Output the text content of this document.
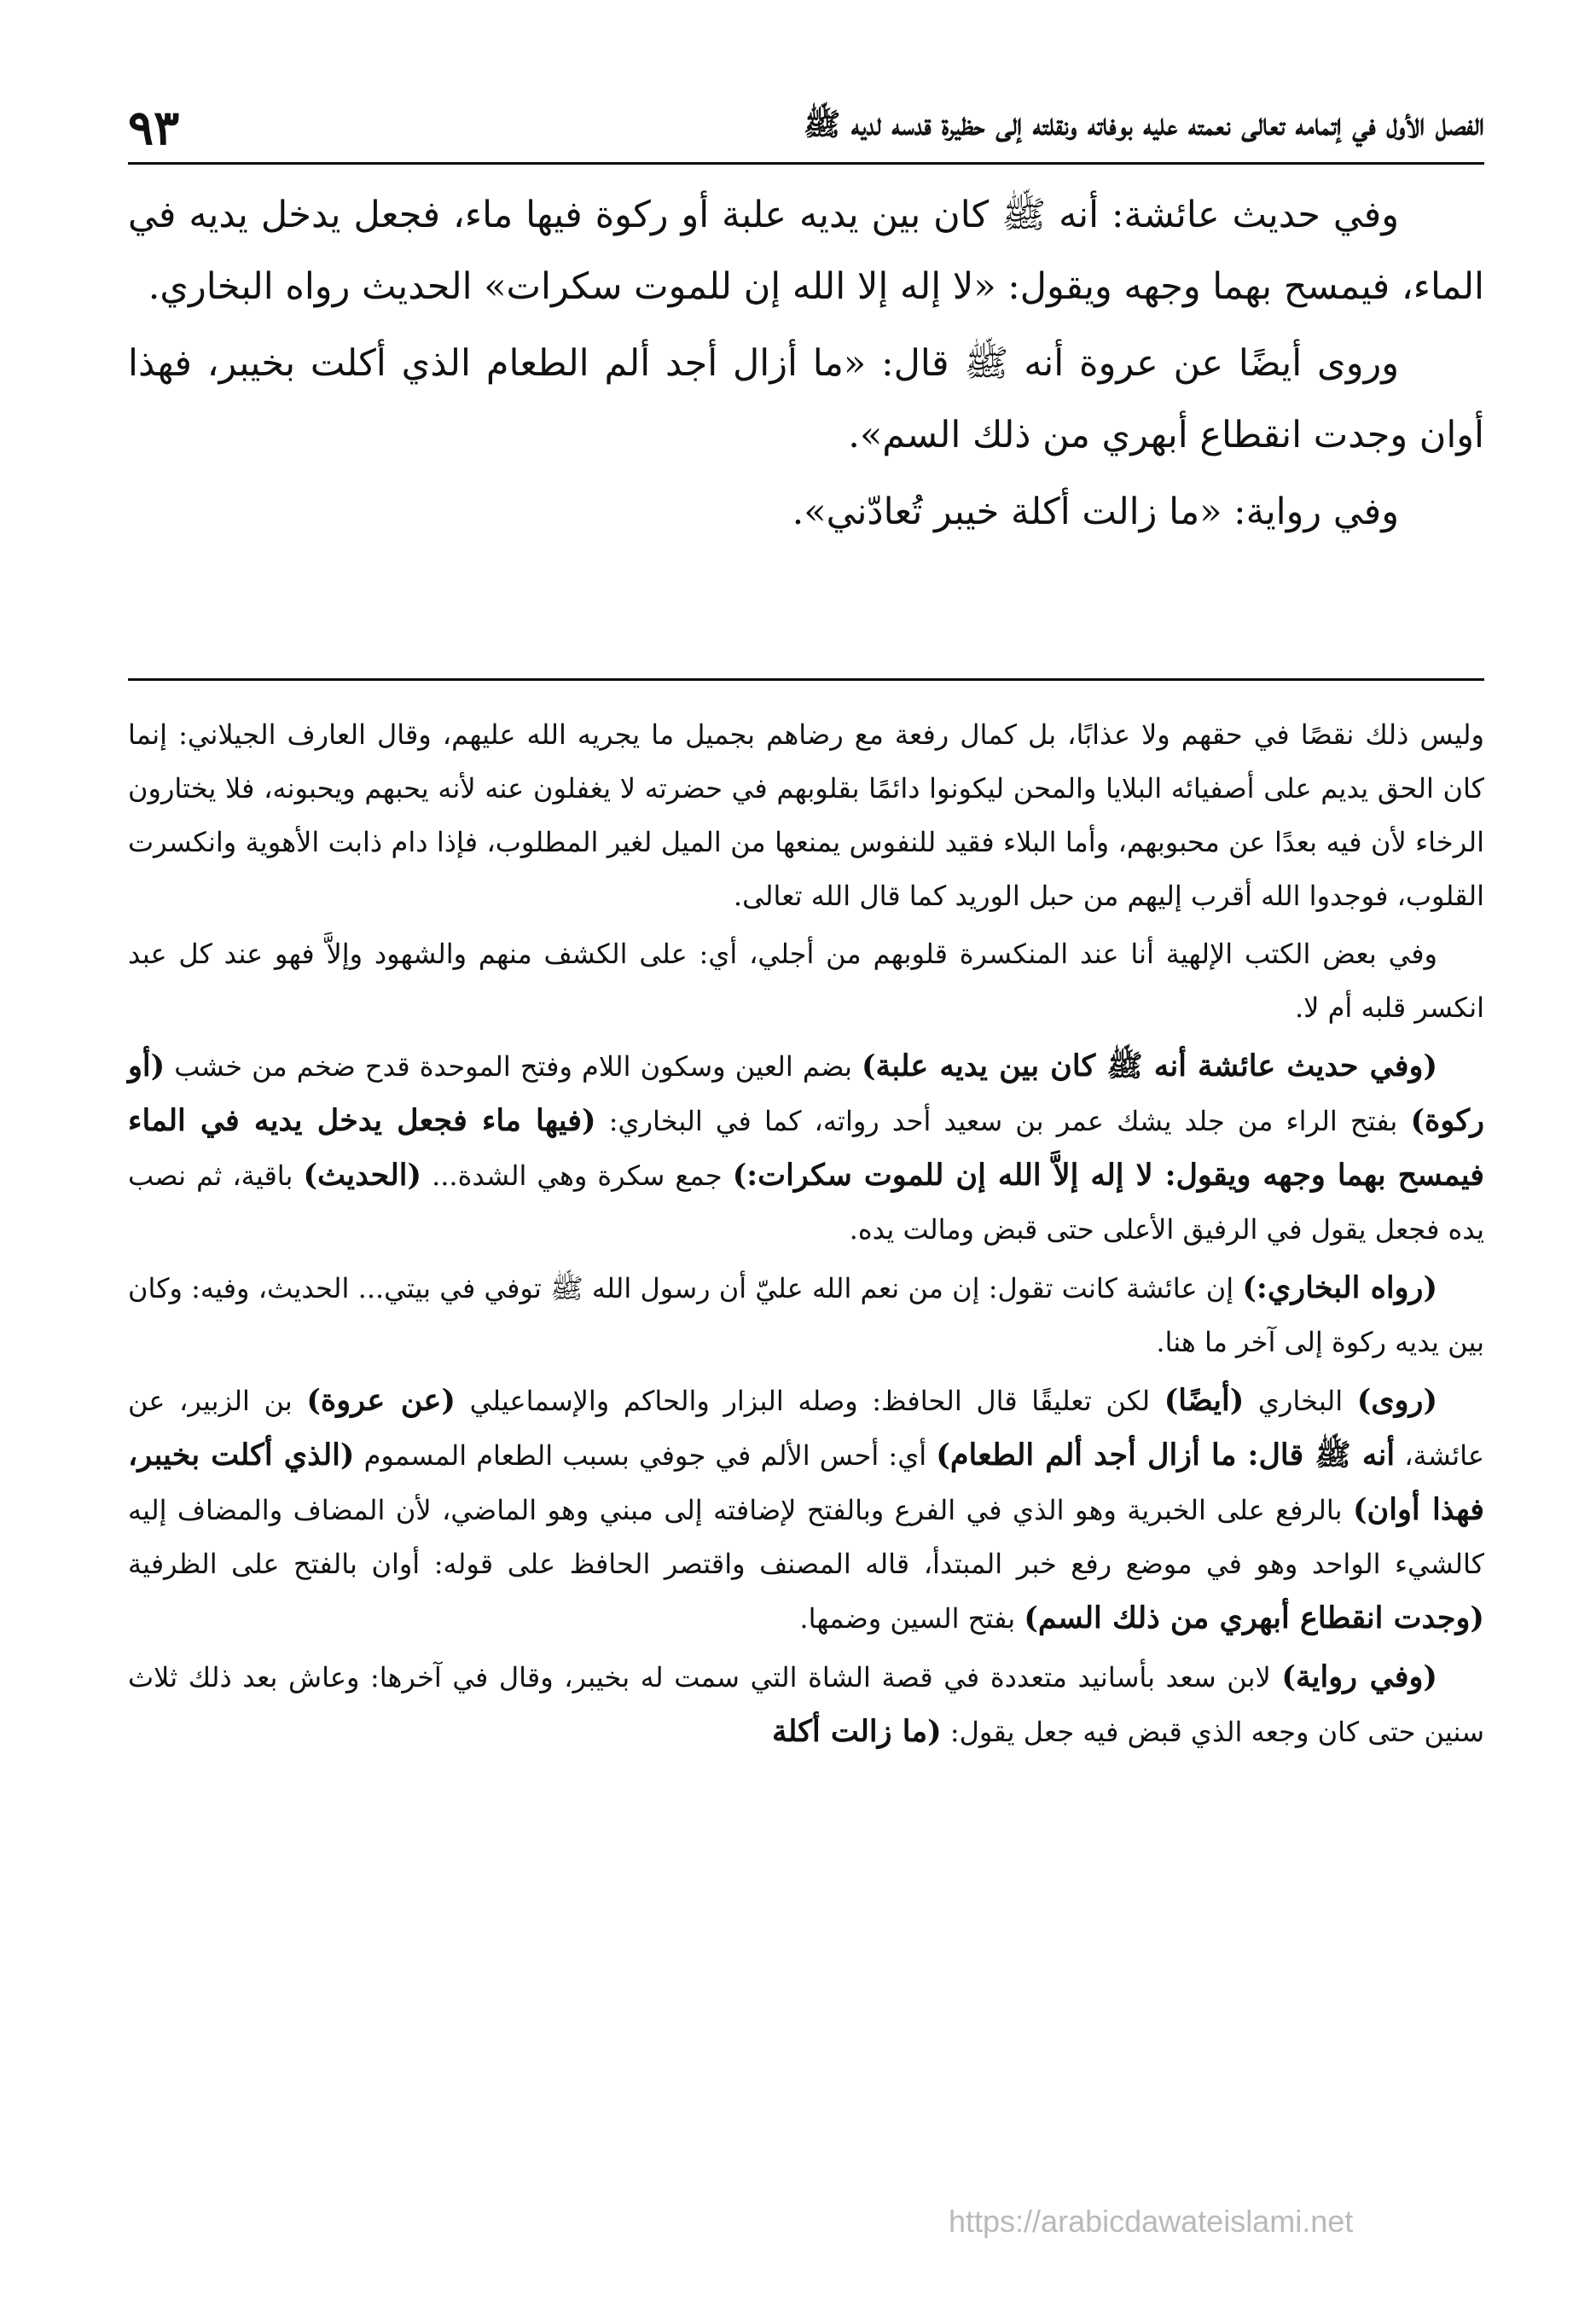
الفصل الأول في إتمامه تعالى نعمته عليه بوفاته ونقلته إلى حظيرة قدسه لديه ﷺ
٩٣

وفي حديث عائشة: أنه ﷺ كان بين يديه علبة أو ركوة فيها ماء، فجعل يدخل يديه في الماء، فيمسح بهما وجهه ويقول: «لا إله إلا الله إن للموت سكرات» الحديث رواه البخاري.

وروى أيضًا عن عروة أنه ﷺ قال: «ما أزال أجد ألم الطعام الذي أكلت بخيبر، فهذا أوان وجدت انقطاع أبهري من ذلك السم».

وفي رواية: «ما زالت أكلة خيبر تُعادّني».

وليس ذلك نقصًا في حقهم ولا عذابًا، بل كمال رفعة مع رضاهم بجميل ما يجريه الله عليهم، وقال العارف الجيلاني: إنما كان الحق يديم على أصفيائه البلايا والمحن ليكونوا دائمًا بقلوبهم في حضرته لا يغفلون عنه لأنه يحبهم ويحبونه، فلا يختارون الرخاء لأن فيه بعدًا عن محبوبهم، وأما البلاء فقيد للنفوس يمنعها من الميل لغير المطلوب، فإذا دام ذابت الأهوية وانكسرت القلوب، فوجدوا الله أقرب إليهم من حبل الوريد كما قال الله تعالى.

وفي بعض الكتب الإلهية أنا عند المنكسرة قلوبهم من أجلي، أي: على الكشف منهم والشهود وإلاَّ فهو عند كل عبد انكسر قلبه أم لا.

(وفي حديث عائشة أنه ﷺ كان بين يديه علبة) بضم العين وسكون اللام وفتح الموحدة قدح ضخم من خشب (أو ركوة) بفتح الراء من جلد يشك عمر بن سعيد أحد رواته، كما في البخاري: (فيها ماء فجعل يدخل يديه في الماء فيمسح بهما وجهه ويقول: لا إله إلاَّ الله إن للموت سكرات:) جمع سكرة وهي الشدة... (الحديث) باقية، ثم نصب يده فجعل يقول في الرفيق الأعلى حتى قبض ومالت يده.

(رواه البخاري:) إن عائشة كانت تقول: إن من نعم الله عليّ أن رسول الله ﷺ توفي في بيتي... الحديث، وفيه: وكان بين يديه ركوة إلى آخر ما هنا.

(روى) البخاري (أيضًا) لكن تعليقًا قال الحافظ: وصله البزار والحاكم والإسماعيلي (عن عروة) بن الزبير، عن عائشة، أنه ﷺ قال: ما أزال أجد ألم الطعام) أي: أحس الألم في جوفي بسبب الطعام المسموم (الذي أكلت بخيبر، فهذا أوان) بالرفع على الخبرية وهو الذي في الفرع وبالفتح لإضافته إلى مبني وهو الماضي، لأن المضاف والمضاف إليه كالشيء الواحد وهو في موضع رفع خبر المبتدأ، قاله المصنف واقتصر الحافظ على قوله: أوان بالفتح على الظرفية (وجدت انقطاع أبهري من ذلك السم) بفتح السين وضمها.

(وفي رواية) لابن سعد بأسانيد متعددة في قصة الشاة التي سمت له بخيبر، وقال في آخرها: وعاش بعد ذلك ثلاث سنين حتى كان وجعه الذي قبض فيه جعل يقول: (ما زالت أكلة

https://arabicdawateislami.net
